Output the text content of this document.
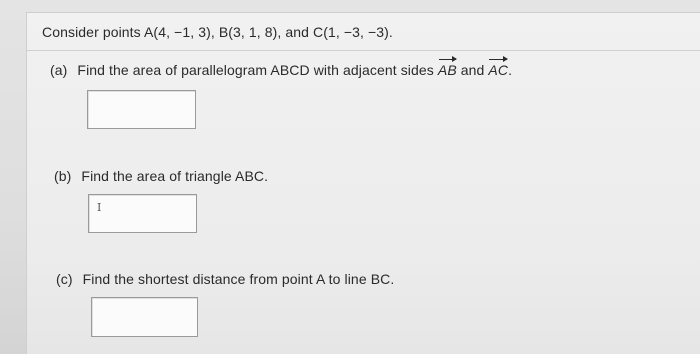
Consider points A(4, −1, 3), B(3, 1, 8), and C(1, −3, −3).
(a) Find the area of parallelogram ABCD with adjacent sides AB and AC.
(b) Find the area of triangle ABC.
I
(c) Find the shortest distance from point A to line BC.
